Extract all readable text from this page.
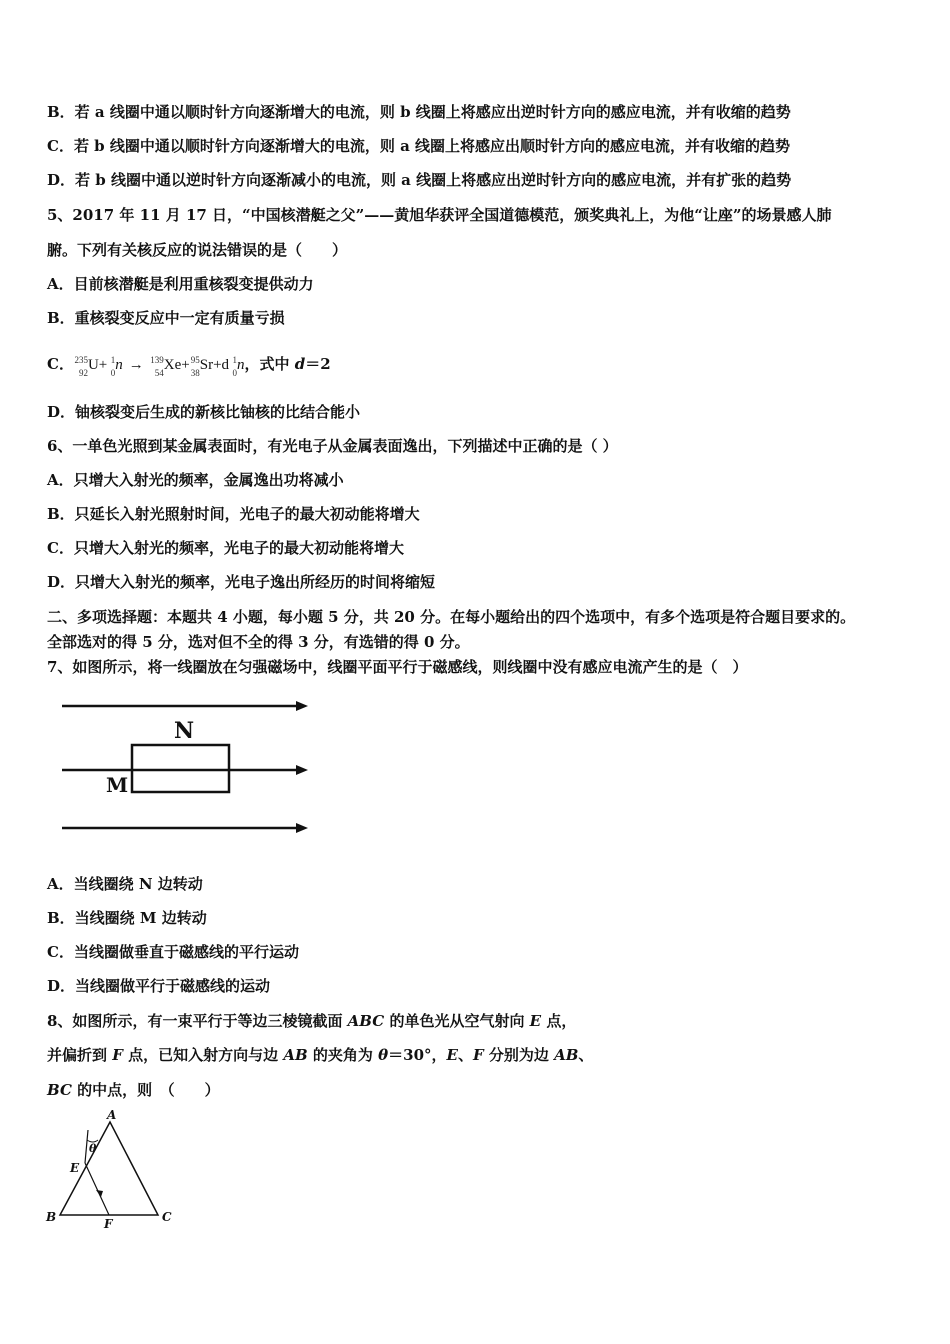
B．若 a 线圈中通以顺时针方向逐渐增大的电流，则 b 线圈上将感应出逆时针方向的感应电流，并有收缩的趋势
C．若 b 线圈中通以顺时针方向逐渐增大的电流，则 a 线圈上将感应出顺时针方向的感应电流，并有收缩的趋势
D．若 b 线圈中通以逆时针方向逐渐减小的电流，则 a 线圈上将感应出逆时针方向的感应电流，并有扩张的趋势
5、2017 年 11 月 17 日，“中国核潜艇之父”——黄旭华获评全国道德模范，颁奖典礼上，为他“让座”的场景感人肺
腑。下列有关核反应的说法错误的是（　　）
A．目前核潜艇是利用重核裂变提供动力
B．重核裂变反应中一定有质量亏损
C． 235
92 U+ 1
0 n → 139
54 Xe+ 95
38 Sr+d 1
0 n，式中 d＝2
D．铀核裂变后生成的新核比铀核的比结合能小
6、一单色光照到某金属表面时，有光电子从金属表面逸出，下列描述中正确的是（ ）
A．只增大入射光的频率，金属逸出功将减小
B．只延长入射光照射时间，光电子的最大初动能将增大
C．只增大入射光的频率，光电子的最大初动能将增大
D．只增大入射光的频率，光电子逸出所经历的时间将缩短
二、多项选择题：本题共 4 小题，每小题 5 分，共 20 分。在每小题给出的四个选项中，有多个选项是符合题目要求的。
全部选对的得 5 分，选对但不全的得 3 分，有选错的得 0 分。
7、如图所示，将一线圈放在匀强磁场中，线圈平面平行于磁感线，则线圈中没有感应电流产生的是（　）
N
M
A．当线圈绕 N 边转动
B．当线圈绕 M 边转动
C．当线圈做垂直于磁感线的平行运动
D．当线圈做平行于磁感线的运动
8、如图所示，有一束平行于等边三棱镜截面 ABC 的单色光从空气射向 E 点，
并偏折到 F 点，已知入射方向与边 AB 的夹角为 θ＝30°，E、F 分别为边 AB、
BC 的中点，则　（　　）
A
B	C
E
F
θ
